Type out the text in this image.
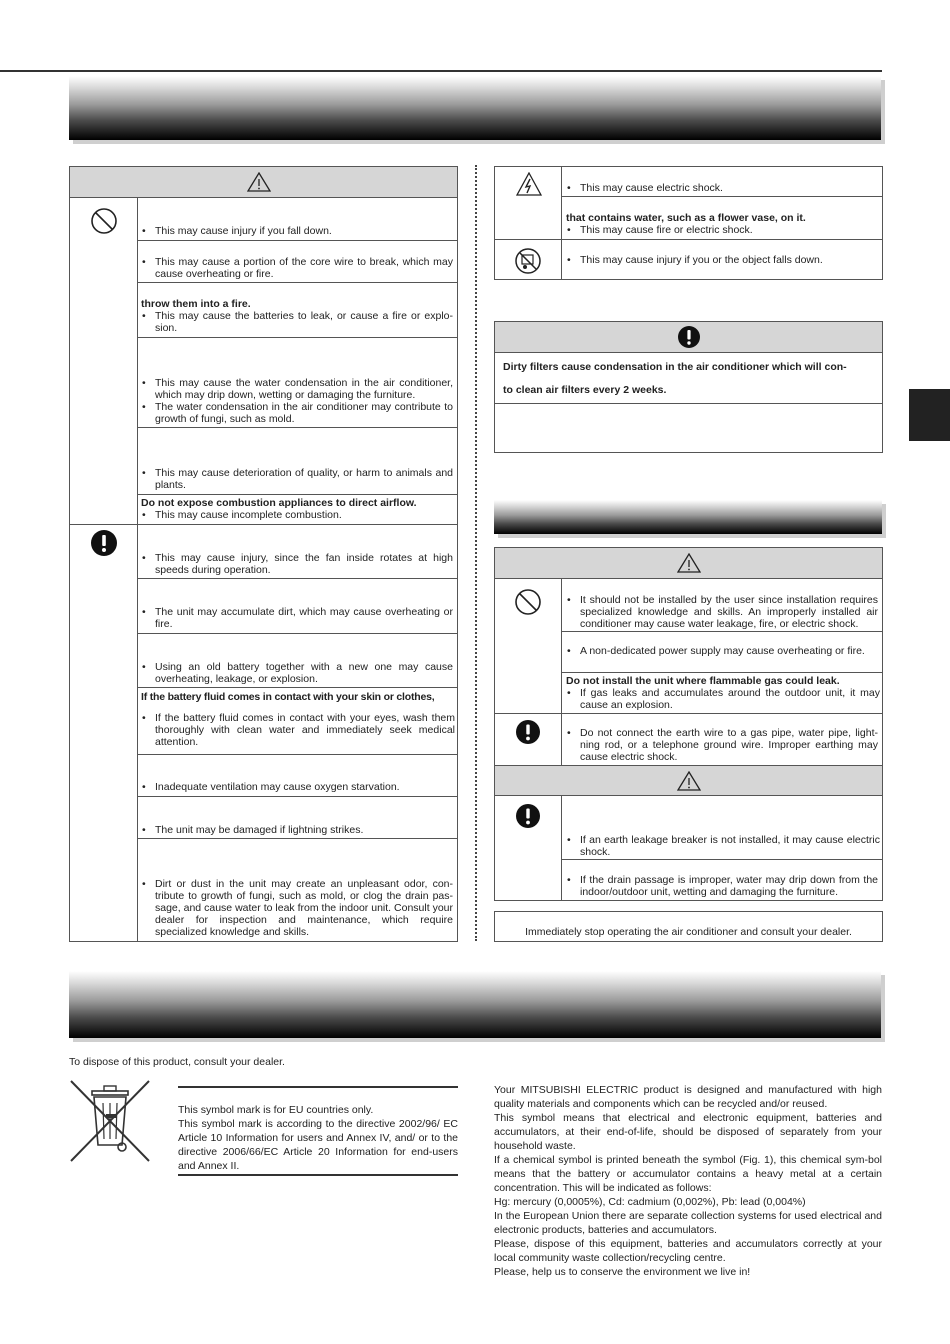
• This may cause injury if you fall down.
• This may cause a portion of the core wire to break, which may cause overheating or fire.
throw them into a fire.
• This may cause the batteries to leak, or cause a fire or explo-sion.
• This may cause the water condensation in the air conditioner, which may drip down, wetting or damaging the furniture.
• The water condensation in the air conditioner may contribute to growth of fungi, such as mold.
• This may cause deterioration of quality, or harm to animals and plants.
Do not expose combustion appliances to direct airflow.
• This may cause incomplete combustion.
• This may cause injury, since the fan inside rotates at high speeds during operation.
• The unit may accumulate dirt, which may cause overheating or fire.
• Using an old battery together with a new one may cause overheating, leakage, or explosion.
If the battery fluid comes in contact with your skin or clothes,
• If the battery fluid comes in contact with your eyes, wash them thoroughly with clean water and immediately seek medical attention.
• Inadequate ventilation may cause oxygen starvation.
• The unit may be damaged if lightning strikes.
• Dirt or dust in the unit may create an unpleasant odor, con-tribute to growth of fungi, such as mold, or clog the drain pas-sage, and cause water to leak from the indoor unit. Consult your dealer for inspection and maintenance, which require specialized knowledge and skills.
• This may cause electric shock.
that contains water, such as a flower vase, on it.
• This may cause fire or electric shock.
• This may cause injury if you or the object falls down.
Dirty filters cause condensation in the air conditioner which will con-
to clean air filters every 2 weeks.
• It should not be installed by the user since installation requires specialized knowledge and skills. An improperly installed air conditioner may cause water leakage, fire, or electric shock.
• A non-dedicated power supply may cause overheating or fire.
Do not install the unit where flammable gas could leak.
• If gas leaks and accumulates around the outdoor unit, it may cause an explosion.
• Do not connect the earth wire to a gas pipe, water pipe, light-ning rod, or a telephone ground wire. Improper earthing may cause electric shock.
• If an earth leakage breaker is not installed, it may cause electric shock.
• If the drain passage is improper, water may drip down from the indoor/outdoor unit, wetting and damaging the furniture.
Immediately stop operating the air conditioner and consult your dealer.
To dispose of this product, consult your dealer.
This symbol mark is for EU countries only.
This symbol mark is according to the directive 2002/96/ EC Article 10 Information for users and Annex IV, and/ or to the directive 2006/66/EC Article 20 Information for end-users and Annex II.
Your MITSUBISHI ELECTRIC product is designed and manufactured with high quality materials and components which can be recycled and/or reused.
This symbol means that electrical and electronic equipment, batteries and accumulators, at their end-of-life, should be disposed of separately from your household waste.
If a chemical symbol is printed beneath the symbol (Fig. 1), this chemical sym-bol means that the battery or accumulator contains a heavy metal at a certain concentration. This will be indicated as follows:
Hg: mercury (0,0005%), Cd: cadmium (0,002%), Pb: lead (0,004%)
In the European Union there are separate collection systems for used electrical and electronic products, batteries and accumulators.
Please, dispose of this equipment, batteries and accumulators correctly at your local community waste collection/recycling centre.
Please, help us to conserve the environment we live in!
